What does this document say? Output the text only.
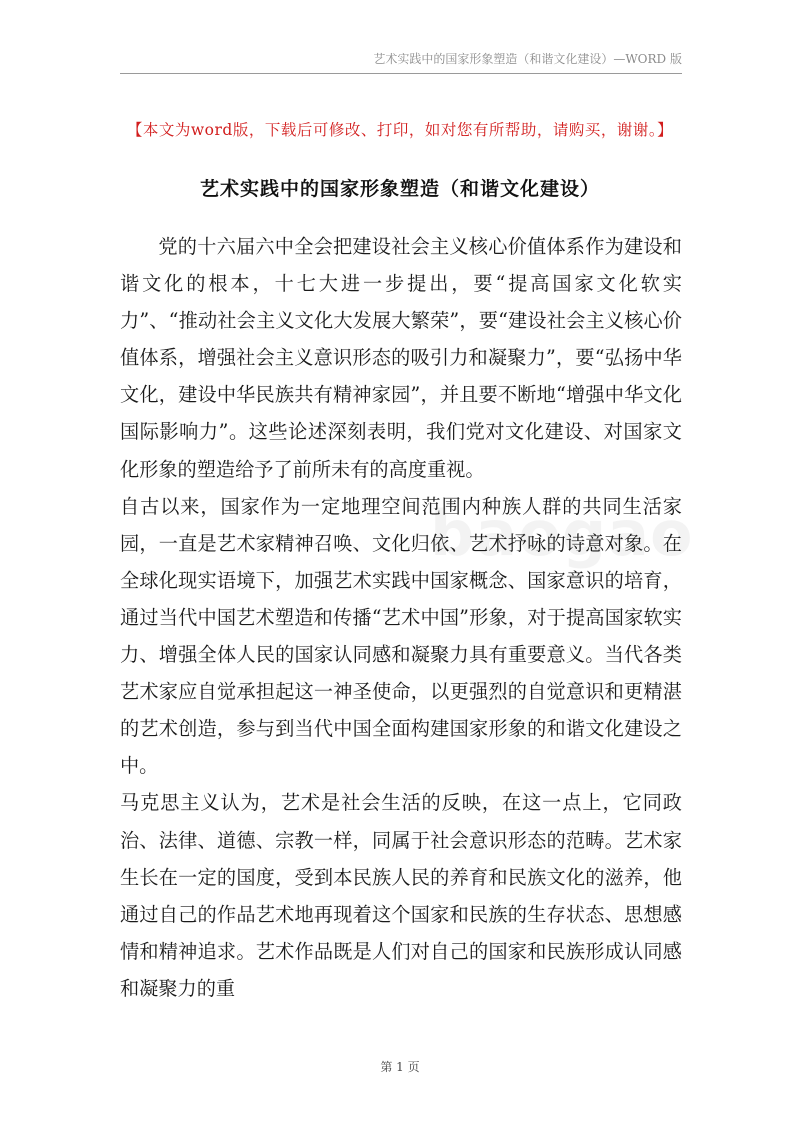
艺术实践中的国家形象塑造（和谐文化建设）—WORD 版
【本文为word版，下载后可修改、打印，如对您有所帮助，请购买，谢谢。】
艺术实践中的国家形象塑造（和谐文化建设）

党的十六届六中全会把建设社会主义核心价值体系作为建设和谐文化的根本，十七大进一步提出，要“提高国家文化软实力”、“推动社会主义文化大发展大繁荣”，要“建设社会主义核心价值体系，增强社会主义意识形态的吸引力和凝聚力”，要“弘扬中华文化，建设中华民族共有精神家园”，并且要不断地“增强中华文化国际影响力”。这些论述深刻表明，我们党对文化建设、对国家文化形象的塑造给予了前所未有的高度重视。

自古以来，国家作为一定地理空间范围内种族人群的共同生活家园，一直是艺术家精神召唤、文化归依、艺术抒咏的诗意对象。在全球化现实语境下，加强艺术实践中国家概念、国家意识的培育，通过当代中国艺术塑造和传播“艺术中国”形象，对于提高国家软实力、增强全体人民的国家认同感和凝聚力具有重要意义。当代各类艺术家应自觉承担起这一神圣使命，以更强烈的自觉意识和更精湛的艺术创造，参与到当代中国全面构建国家形象的和谐文化建设之中。

马克思主义认为，艺术是社会生活的反映，在这一点上，它同政治、法律、道德、宗教一样，同属于社会意识形态的范畴。艺术家生长在一定的国度，受到本民族人民的养育和民族文化的滋养，他通过自己的作品艺术地再现着这个国家和民族的生存状态、思想感情和精神追求。艺术作品既是人们对自己的国家和民族形成认同感和凝聚力的重

第 1 页
